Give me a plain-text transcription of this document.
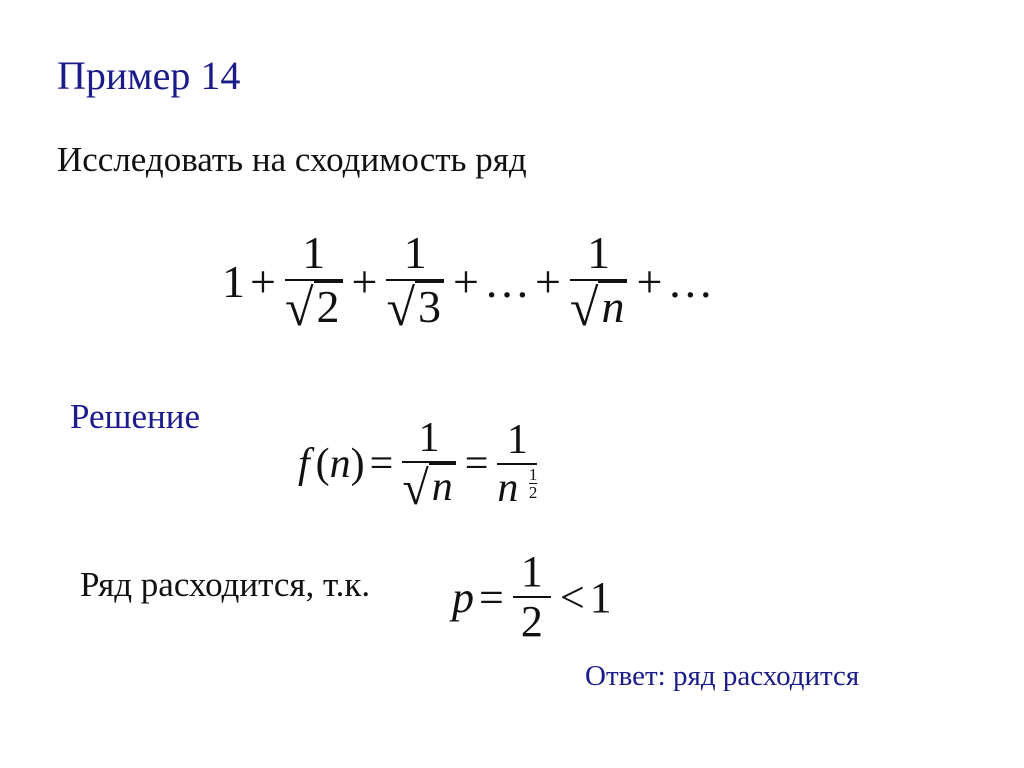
Пример 14
Исследовать на сходимость ряд
$1 + \frac{1}{√ 2} + \frac{1}{√ 3}$ + … + $\frac{1}{√ n}$ + …
Решение
f ( n ) = $\frac{1}{√ n} = 1$
n $^{\frac{1}{2}}$
Ряд расходится, т.к. $p = \frac{1}{2} < 1$
Ответ: ряд расходится
